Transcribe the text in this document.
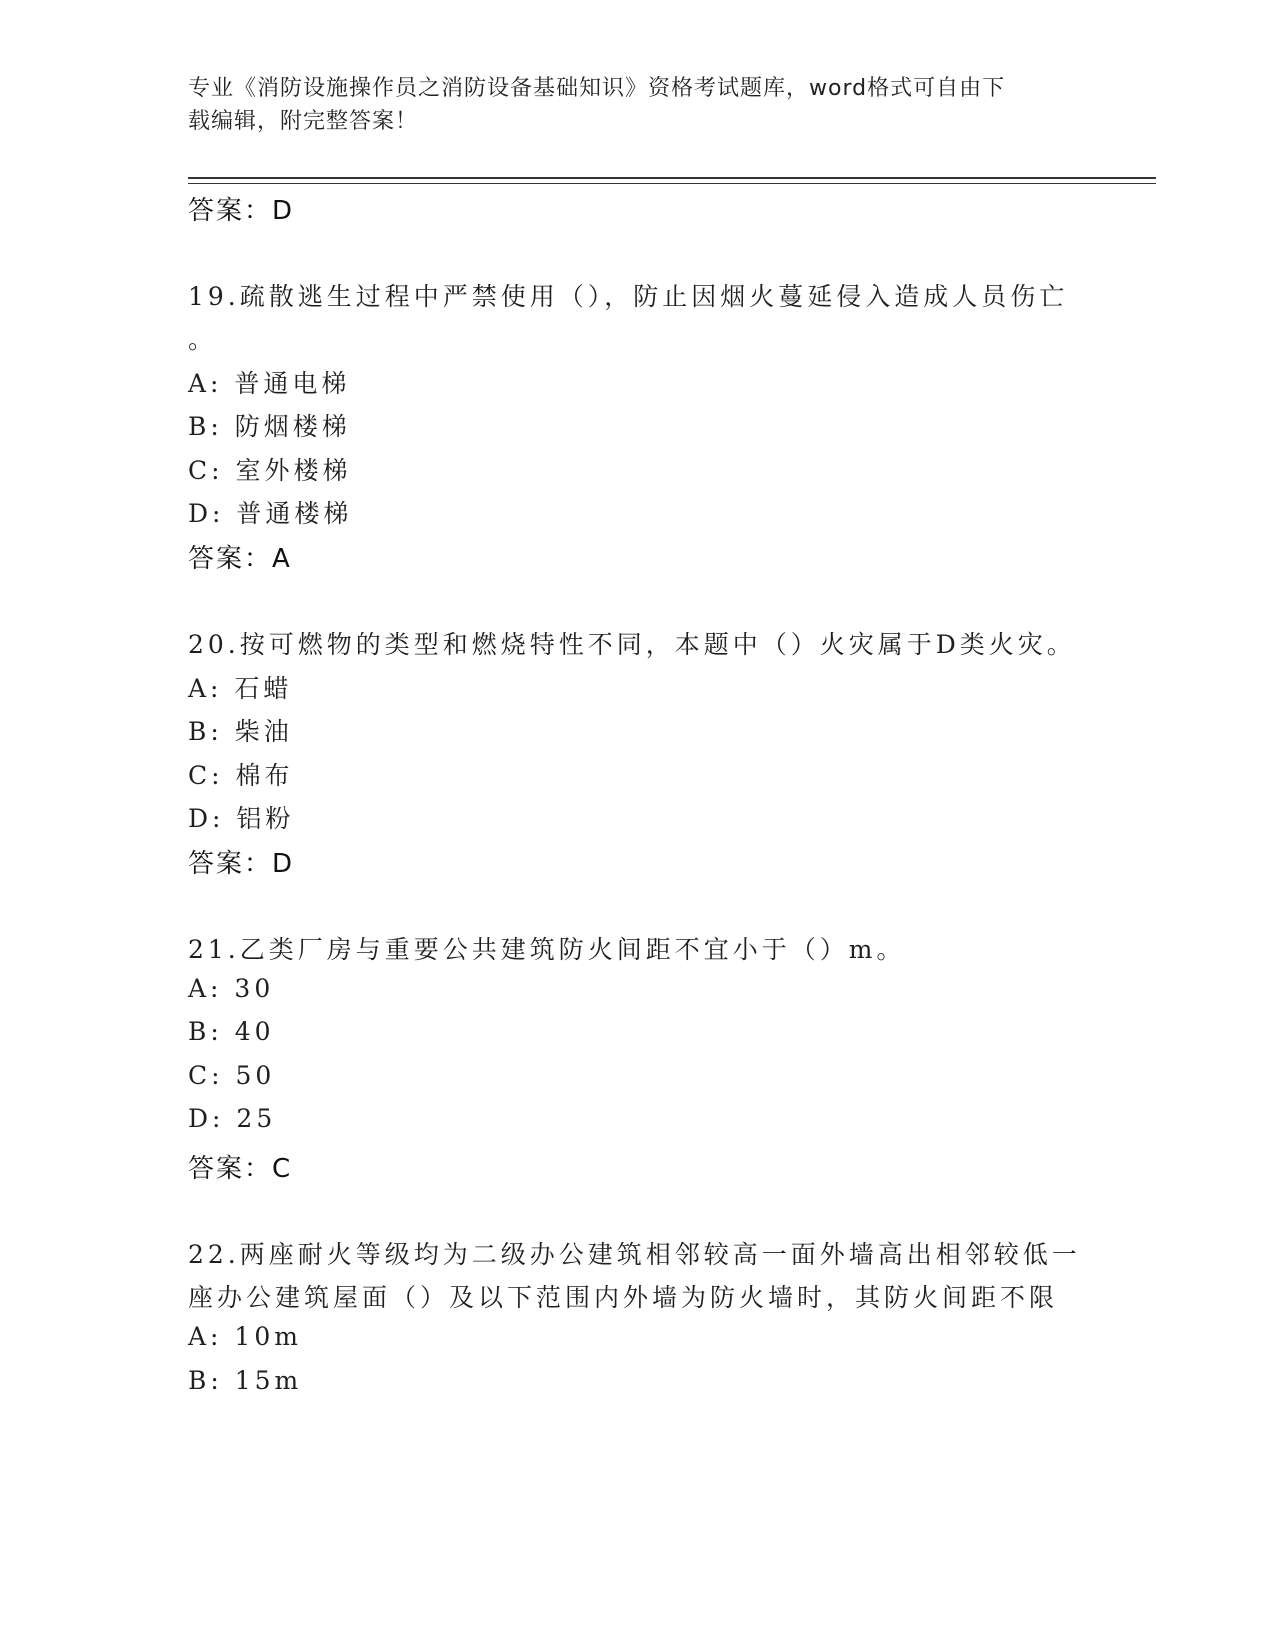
专业《消防设施操作员之消防设备基础知识》资格考试题库，word格式可自由下
载编辑，附完整答案！
答案：D
19.疏散逃生过程中严禁使用（），防止因烟火蔓延侵入造成人员伤亡
。
A: 普通电梯
B: 防烟楼梯
C: 室外楼梯
D: 普通楼梯
答案：A
20.按可燃物的类型和燃烧特性不同，本题中（）火灾属于D类火灾。
A: 石蜡
B: 柴油
C: 棉布
D: 铝粉
答案：D
21.乙类厂房与重要公共建筑防火间距不宜小于（）m。
A: 30
B: 40
C: 50
D: 25
答案：C
22.两座耐火等级均为二级办公建筑相邻较高一面外墙高出相邻较低一
座办公建筑屋面（）及以下范围内外墙为防火墙时，其防火间距不限
A: 10m
B: 15m
